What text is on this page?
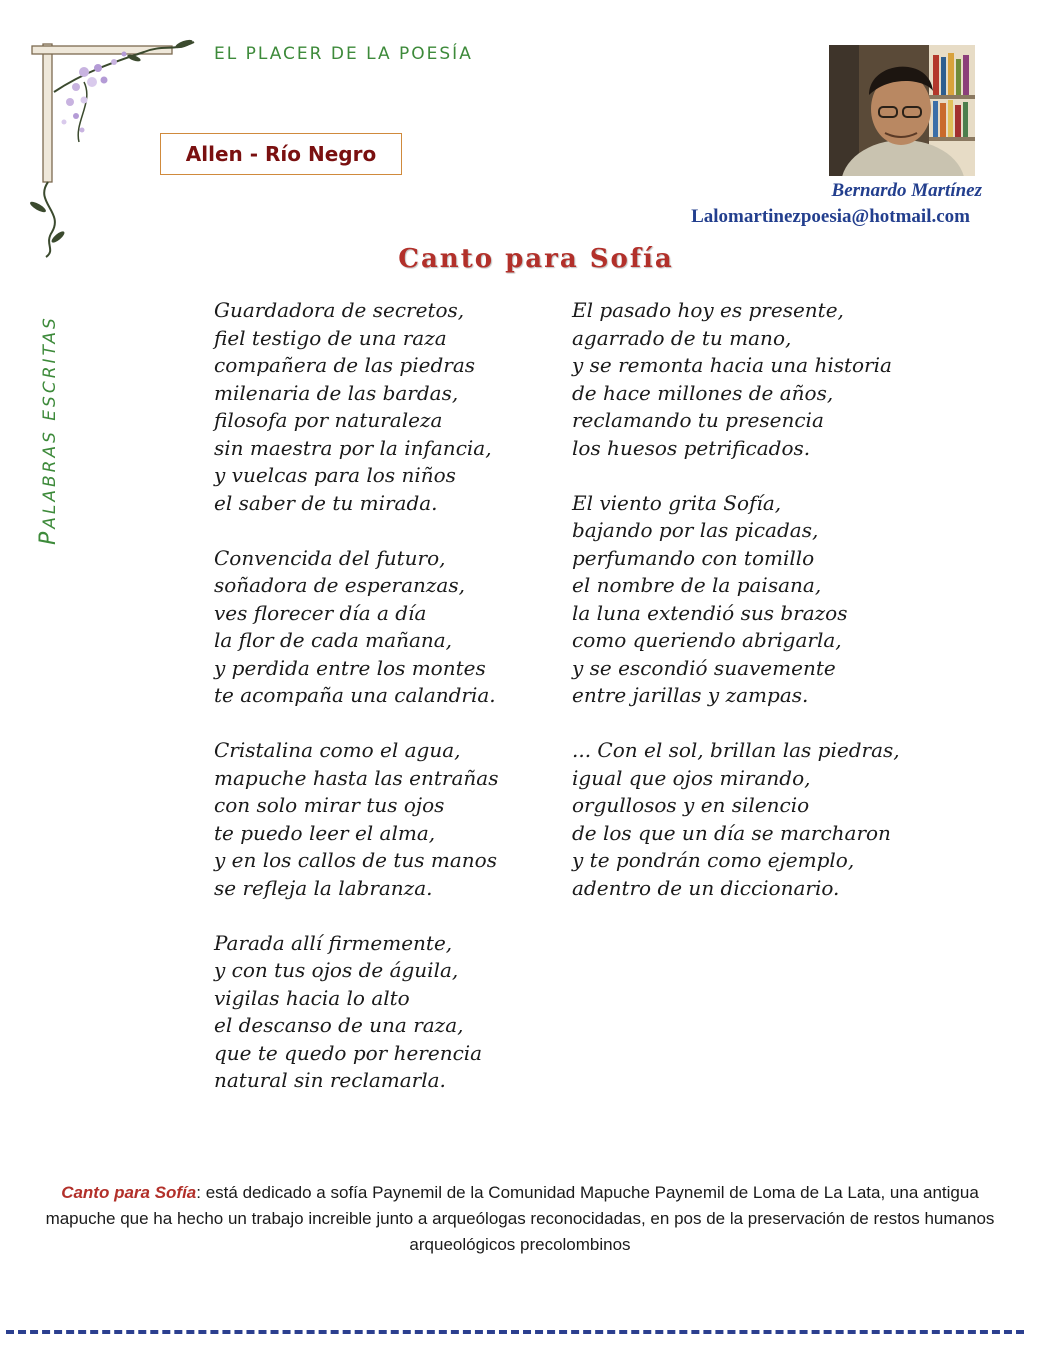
EL PLACER DE LA POESÍA
Allen - Río Negro
PALABRAS ESCRITAS
Bernardo Martínez
Lalomartinezpoesia@hotmail.com
Canto para Sofía
Guardadora de secretos,
fiel testigo de una raza
compañera de las piedras
milenaria de las bardas,
filosofa por naturaleza
sin maestra por la infancia,
y vuelcas para los niños
el saber de tu mirada.
Convencida del futuro,
soñadora de esperanzas,
ves florecer día a día
la flor de cada mañana,
y perdida entre los montes
te acompaña una calandria.
Cristalina como el agua,
mapuche hasta las entrañas
con solo mirar tus ojos
te puedo leer el alma,
y en los callos de tus manos
se refleja la labranza.
Parada allí firmemente,
y con tus ojos de águila,
vigilas hacia lo alto
el descanso de una raza,
que te quedo por herencia
natural sin reclamarla.
El pasado hoy es presente,
agarrado de tu mano,
y se remonta hacia una historia
de hace millones de años,
reclamando tu presencia
los huesos petrificados.
El viento grita Sofía,
bajando por las picadas,
perfumando con tomillo
el nombre de la paisana,
la luna extendió sus brazos
como queriendo abrigarla,
y se escondió suavemente
entre jarillas y zampas.
... Con el sol, brillan las piedras,
igual que ojos mirando,
orgullosos y en silencio
de los que un día se marcharon
y te pondrán como ejemplo,
adentro de un diccionario.
Canto para Sofía: está dedicado a sofía Paynemil de la Comunidad Mapuche Paynemil de Loma de La Lata, una antigua mapuche que ha hecho un trabajo increible junto a arqueólogas reconocidadas, en pos de la preservación de restos humanos arqueológicos precolombinos
